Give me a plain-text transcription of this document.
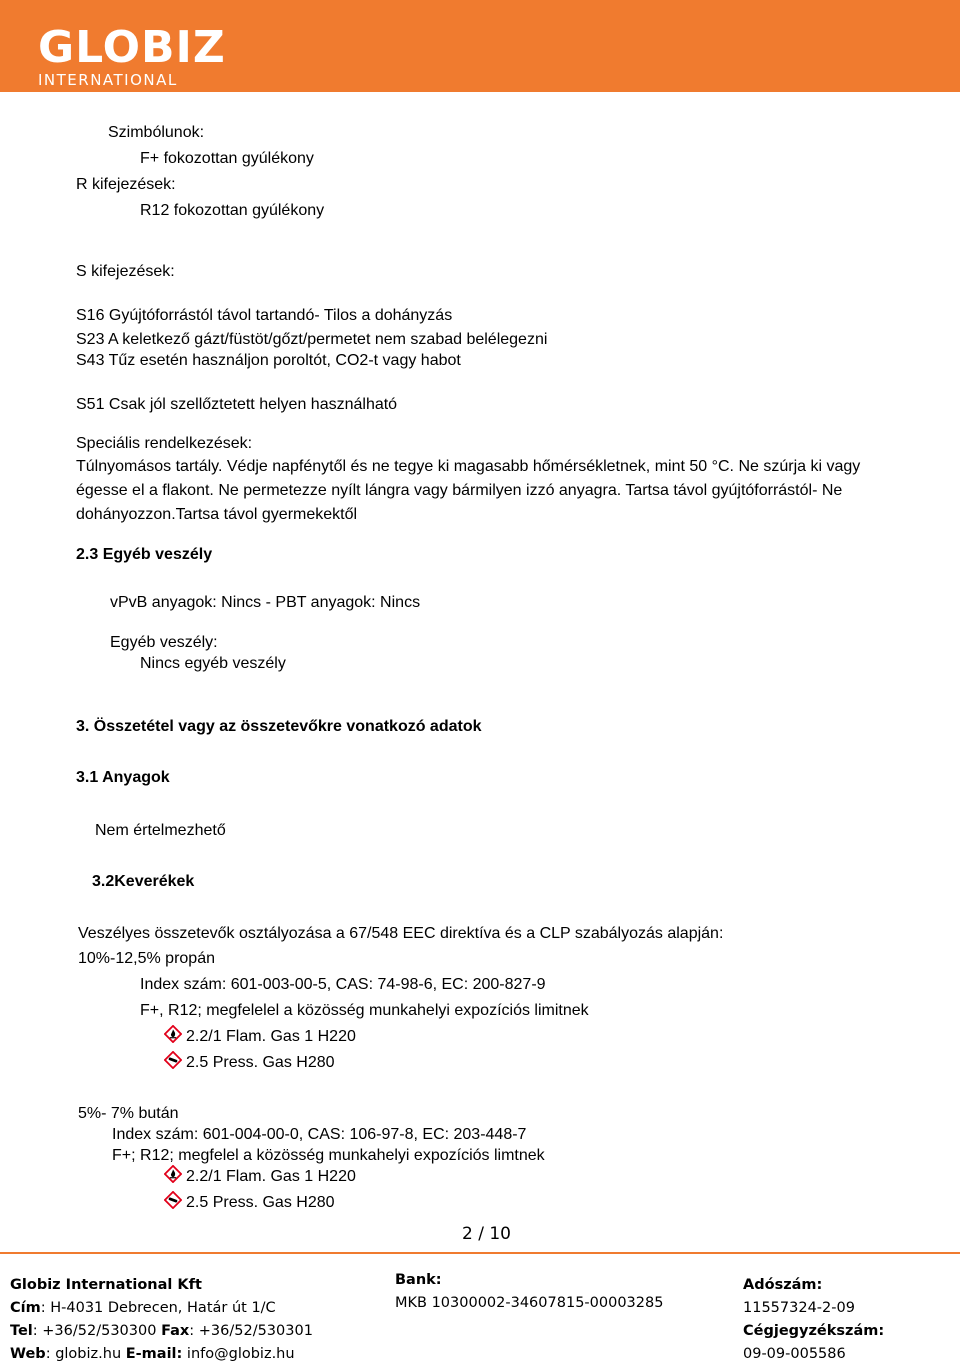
GLOBIZ
INTERNATIONAL
Szimbólunok:
F+ fokozottan gyúlékony
R kifejezések:
R12 fokozottan gyúlékony
S kifejezések:
S16 Gyújtóforrástól távol tartandó- Tilos a dohányzás
S23 A keletkező gázt/füstöt/gőzt/permetet nem szabad belélegezni
S43 Tűz esetén használjon poroltót, CO2-t vagy habot
S51 Csak jól szellőztetett helyen használható
Speciális rendelkezések:
Túlnyomásos tartály. Védje napfénytől és ne tegye ki magasabb hőmérsékletnek, mint 50 °C. Ne szúrja ki vagy
égesse el a flakont. Ne permetezze nyílt lángra vagy bármilyen izzó anyagra. Tartsa távol gyújtóforrástól- Ne
dohányozzon.Tartsa távol gyermekektől
2.3 Egyéb veszély
vPvB anyagok: Nincs - PBT anyagok: Nincs
Egyéb veszély:
Nincs egyéb veszély
3. Összetétel vagy az összetevőkre vonatkozó adatok
3.1 Anyagok
Nem értelmezhető
3.2Keverékek
Veszélyes összetevők osztályozása a 67/548 EEC direktíva és a CLP szabályozás alapján:
10%-12,5% propán
Index szám: 601-003-00-5, CAS: 74-98-6, EC: 200-827-9
F+, R12; megfelelel a közösség munkahelyi expozíciós limitnek
2.2/1 Flam. Gas 1 H220
2.5 Press. Gas H280
5%- 7% bután
Index szám: 601-004-00-0, CAS: 106-97-8, EC: 203-448-7
F+; R12; megfelel a közösség munkahelyi expozíciós limtnek
2.2/1 Flam. Gas 1 H220
2.5 Press. Gas H280
2 / 10
Globiz International Kft
Cím: H-4031 Debrecen, Határ út 1/C
Tel: +36/52/530300 Fax: +36/52/530301
Web: globiz.hu E-mail: info@globiz.hu
Bank:
MKB 10300002-34607815-00003285
Adószám:
11557324-2-09
Cégjegyzékszám:
09-09-005586
